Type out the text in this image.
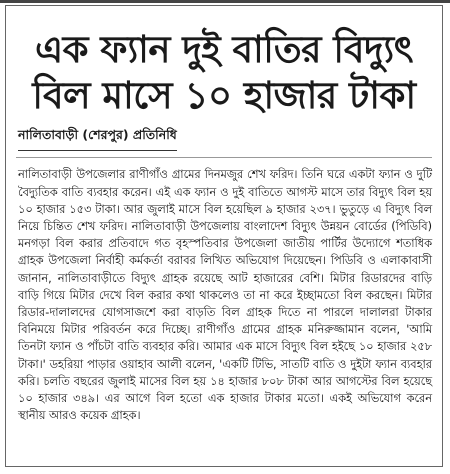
এক ফ্যান দুই বাতির বিদ্যুৎ
বিল মাসে ১০ হাজার টাকা
নালিতাবাড়ী (শেরপুর) প্রতিনিধি

নালিতাবাড়ী উপজেলার রাণীগাঁও গ্রামের দিনমজুর শেখ ফরিদ। তিনি ঘরে একটা ফ্যান ও দুটি বৈদ্যুতিক বাতি ব্যবহার করেন। এই এক ফ্যান ও দুই বাতিতে আগস্ট মাসে তার বিদ্যুৎ বিল হয় ১০ হাজার ১৫৩ টাকা। আর জুলাই মাসে বিল হয়েছিল ৯ হাজার ২৩৭। ভুতুড়ে এ বিদ্যুৎ বিল নিয়ে চিন্তিত শেখ ফরিদ। নালিতাবাড়ী উপজেলায় বাংলাদেশ বিদ্যুৎ উন্নয়ন বোর্ডের (পিডিবি) মনগড়া বিল করার প্রতিবাদে গত বৃহস্পতিবার উপজেলা জাতীয় পার্টির উদ্যোগে শতাধিক গ্রাহক উপজেলা নির্বাহী কর্মকর্তা বরাবর লিখিত অভিযোগ দিয়েছেন। পিডিবি ও এলাকাবাসী জানান, নালিতাবাড়ীতে বিদ্যুৎ গ্রাহক রয়েছে আট হাজারের বেশি। মিটার রিডারদের বাড়ি বাড়ি গিয়ে মিটার দেখে বিল করার কথা থাকলেও তা না করে ইচ্ছামতো বিল করছেন। মিটার রিডার-দালালদের যোগসাজশে করা বাড়তি বিল গ্রাহক দিতে না পারলে দালালরা টাকার বিনিময়ে মিটার পরিবর্তন করে দিচ্ছে। রাণীগাঁও গ্রামের গ্রাহক মনিরুজ্জামান বলেন, 'আমি তিনটা ফ্যান ও পাঁচটা বাতি ব্যবহার করি। আমার এক মাসে বিদ্যুৎ বিল হইছে ১০ হাজার ২৫৮ টাকা।' ডহরিয়া পাড়ার ওয়াহাব আলী বলেন, 'একটি টিভি, সাতটি বাতি ও দুইটা ফ্যান ব্যবহার করি। চলতি বছরের জুলাই মাসের বিল হয় ১৪ হাজার ৮০৮ টাকা আর আগস্টের বিল হয়েছে ১০ হাজার ৩৪৯। এর আগে বিল হতো এক হাজার টাকার মতো। একই অভিযোগ করেন স্থানীয় আরও কয়েক গ্রাহক।
